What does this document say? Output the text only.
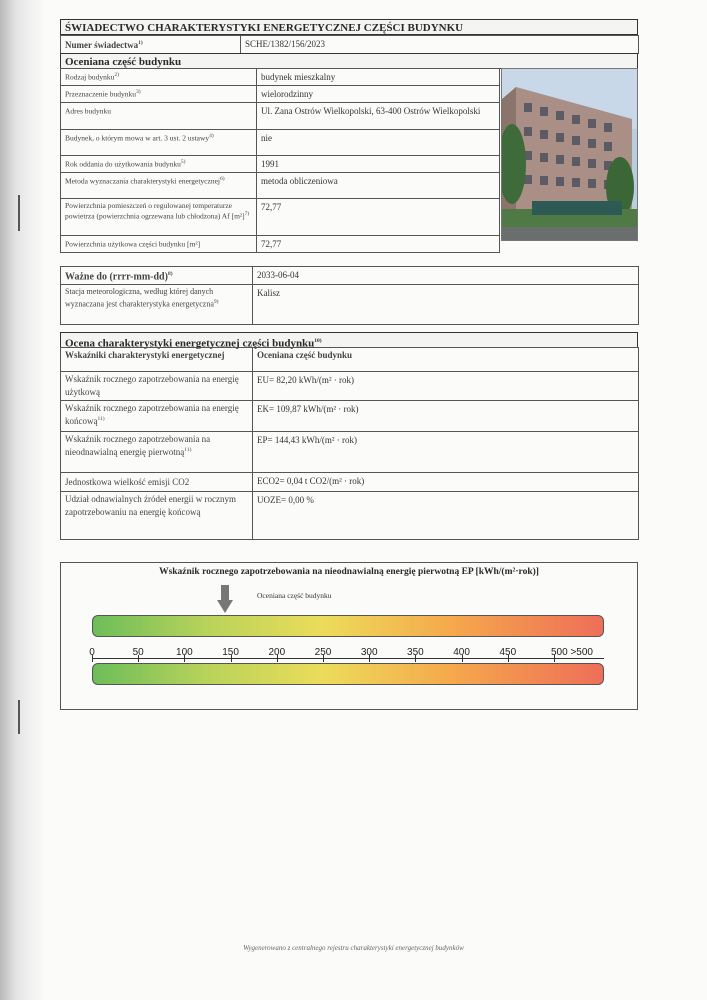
ŚWIADECTWO CHARAKTERYSTYKI ENERGETYCZNEJ CZĘŚCI BUDYNKU
Numer świadectwa$^{1)}$	SCHE/1382/156/2023
Oceniana część budynku
Rodzaj budynku$^{2)}$	budynek mieszkalny
Przeznaczenie budynku$^{3)}$	wielorodzinny
Adres budynku	Ul. Zana Ostrów Wielkopolski, 63-400 Ostrów Wielkopolski
Budynek, o którym mowa w art. 3 ust. 2 ustawy$^{4)}$	nie
Rok oddania do użytkowania budynku$^{5)}$	1991
Metoda wyznaczania charakterystyki energetycznej$^{6)}$	metoda obliczeniowa
Powierzchnia pomieszczeń o regulowanej temperaturze powietrza (powierzchnia ogrzewana lub chłodzona) Af $[m^2]^{7)}$	72,77
Powierzchnia użytkowa części budynku [m²]	72,77
Ważne do (rrrr-mm-dd)$^{8)}$	2033-06-04
Stacja meteorologiczna, według której danych wyznaczana jest charakterystyka energetyczna$^{9)}$	Kalisz
Ocena charakterystyki energetycznej części budynku$^{10)}$
Wskaźniki charakterystyki energetycznej	Oceniana część budynku
Wskaźnik rocznego zapotrzebowania na energię użytkową	EU= 82,20 kWh/(m² · rok)
Wskaźnik rocznego zapotrzebowania na energię końcową$^{11)}$	EK= 109,87 kWh/(m² · rok)
Wskaźnik rocznego zapotrzebowania na nieodnawialną energię pierwotną$^{11)}$	EP= 144,43 kWh/(m² · rok)
Jednostkowa wielkość emisji CO2	ECO2= 0,04 t CO2/(m² · rok)
Udział odnawialnych źródeł energii w rocznym zapotrzebowaniu na energię końcową	UOZE= 0,00 %
Wskaźnik rocznego zapotrzebowania na nieodnawialną energię pierwotną EP [kWh/(m²·rok)]
Oceniana część budynku
0	50	100	150	200	250	300	350	400	450	500 >500
Wygenerowano z centralnego rejestru charakterystyki energetycznej budynków
